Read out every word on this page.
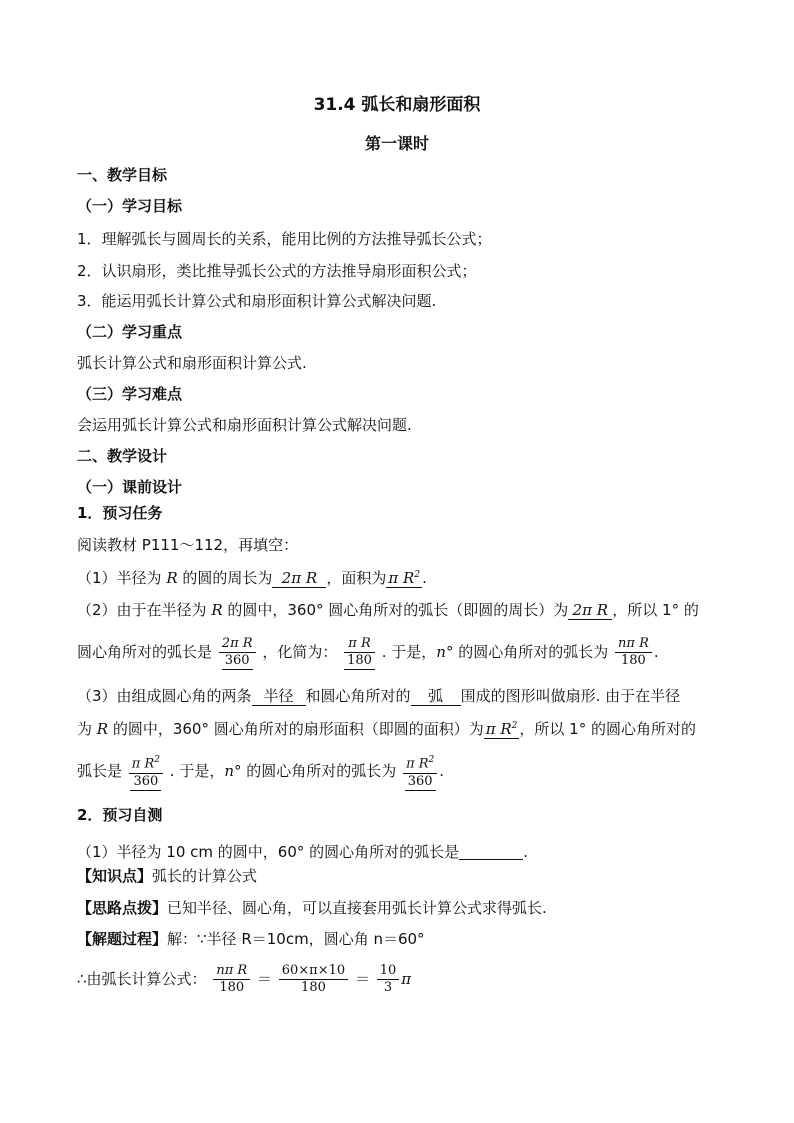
31.4 弧长和扇形面积
第一课时
一、教学目标
（一）学习目标
1．理解弧长与圆周长的关系，能用比例的方法推导弧长公式；
2．认识扇形，类比推导弧长公式的方法推导扇形面积公式；
3．能运用弧长计算公式和扇形面积计算公式解决问题.
（二）学习重点
弧长计算公式和扇形面积计算公式.
（三）学习难点
会运用弧长计算公式和扇形面积计算公式解决问题.
二、教学设计
（一）课前设计
1．预习任务
阅读教材 P111～112，再填空：
（1）半径为 R 的圆的周长为 2π R ，面积为 π $R^2$ .
（2）由于在半径为 R 的圆中，360° 圆心角所对的弧长（即圆的周长）为 2π R ，所以 1° 的
圆心角所对的弧长是 $\frac{\text{2π R}}{360}$ ，化简为： $\frac{\text{π R}}{180}$ . 于是，n° 的圆心角所对的弧长为 $\frac{\text{nπ R}}{180}$ .
（3）由组成圆心角的两条 半径 和圆心角所对的 弧 围成的图形叫做扇形. 由于在半径
为 R 的圆中，360° 圆心角所对的扇形面积（即圆的面积）为 π $R^2$ ，所以 1° 的圆心角所对的
弧长是 $\frac{\pi R^2}{360}$ . 于是，n° 的圆心角所对的弧长为 $\frac{\pi R^2}{360}$ .
2．预习自测
（1）半径为 10 cm 的圆中，60° 的圆心角所对的弧长是	.
【知识点】弧长的计算公式
【思路点拨】已知半径、圆心角，可以直接套用弧长计算公式求得弧长.
【解题过程】解：∵半径 R＝10cm，圆心角 n＝60°
∴由弧长计算公式： $\frac{\text{nπ R}}{180} = \frac{60\times\pi\times 10}{180} = \frac{10}{3}$ π
